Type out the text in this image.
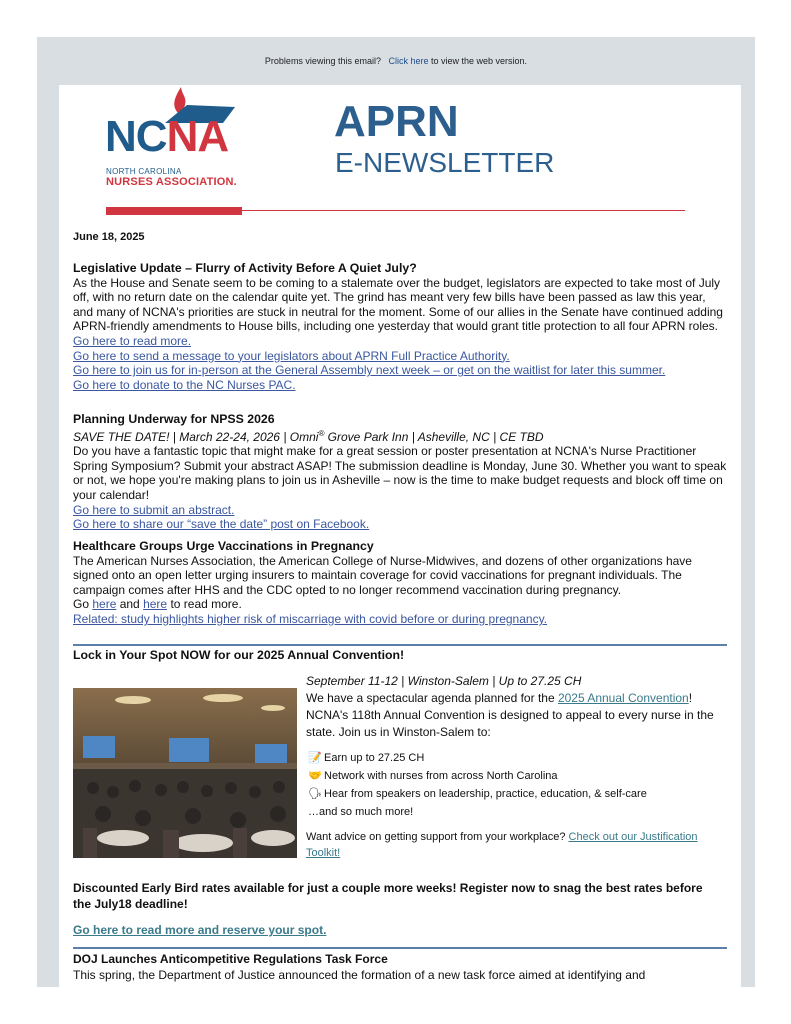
Problems viewing this email? Click here to view the web version.
NCNA
NORTH CAROLINA
NURSES ASSOCIATION.
APRN
E-NEWSLETTER
June 18, 2025
Legislative Update – Flurry of Activity Before A Quiet July?

As the House and Senate seem to be coming to a stalemate over the budget, legislators are expected to take most of July off, with no return date on the calendar quite yet. The grind has meant very few bills have been passed as law this year, and many of NCNA's priorities are stuck in neutral for the moment. Some of our allies in the Senate have continued adding APRN-friendly amendments to House bills, including one yesterday that would grant title protection to all four APRN roles.

Go here to read more.
Go here to send a message to your legislators about APRN Full Practice Authority.
Go here to join us for in-person at the General Assembly next week – or get on the waitlist for later this summer.
Go here to donate to the NC Nurses PAC.
Planning Underway for NPSS 2026

SAVE THE DATE! | March 22-24, 2026 | Omni® Grove Park Inn | Asheville, NC | CE TBD

Do you have a fantastic topic that might make for a great session or poster presentation at NCNA's Nurse Practitioner Spring Symposium? Submit your abstract ASAP! The submission deadline is Monday, June 30. Whether you want to speak or not, we hope you're making plans to join us in Asheville – now is the time to make budget requests and block off time on your calendar!

Go here to submit an abstract.
Go here to share our “save the date” post on Facebook.
Healthcare Groups Urge Vaccinations in Pregnancy

The American Nurses Association, the American College of Nurse-Midwives, and dozens of other organizations have signed onto an open letter urging insurers to maintain coverage for covid vaccinations for pregnant individuals. The campaign comes after HHS and the CDC opted to no longer recommend vaccination during pregnancy.

Go here and here to read more.

Related: study highlights higher risk of miscarriage with covid before or during pregnancy.
Lock in Your Spot NOW for our 2025 Annual Convention!
September 11-12 | Winston-Salem | Up to 27.25 CH
We have a spectacular agenda planned for the 2025 Annual Convention! NCNA's 118th Annual Convention is designed to appeal to every nurse in the state. Join us in Winston-Salem to:
📝 Earn up to 27.25 CH
🤝 Network with nurses from across North Carolina
🗣 Hear from speakers on leadership, practice, education, & self-care
…and so much more!
Want advice on getting support from your workplace? Check out our Justification Toolkit!
Discounted Early Bird rates available for just a couple more weeks! Register now to snag the best rates before the July18 deadline!
Go here to read more and reserve your spot.
DOJ Launches Anticompetitive Regulations Task Force

This spring, the Department of Justice announced the formation of a new task force aimed at identifying and
